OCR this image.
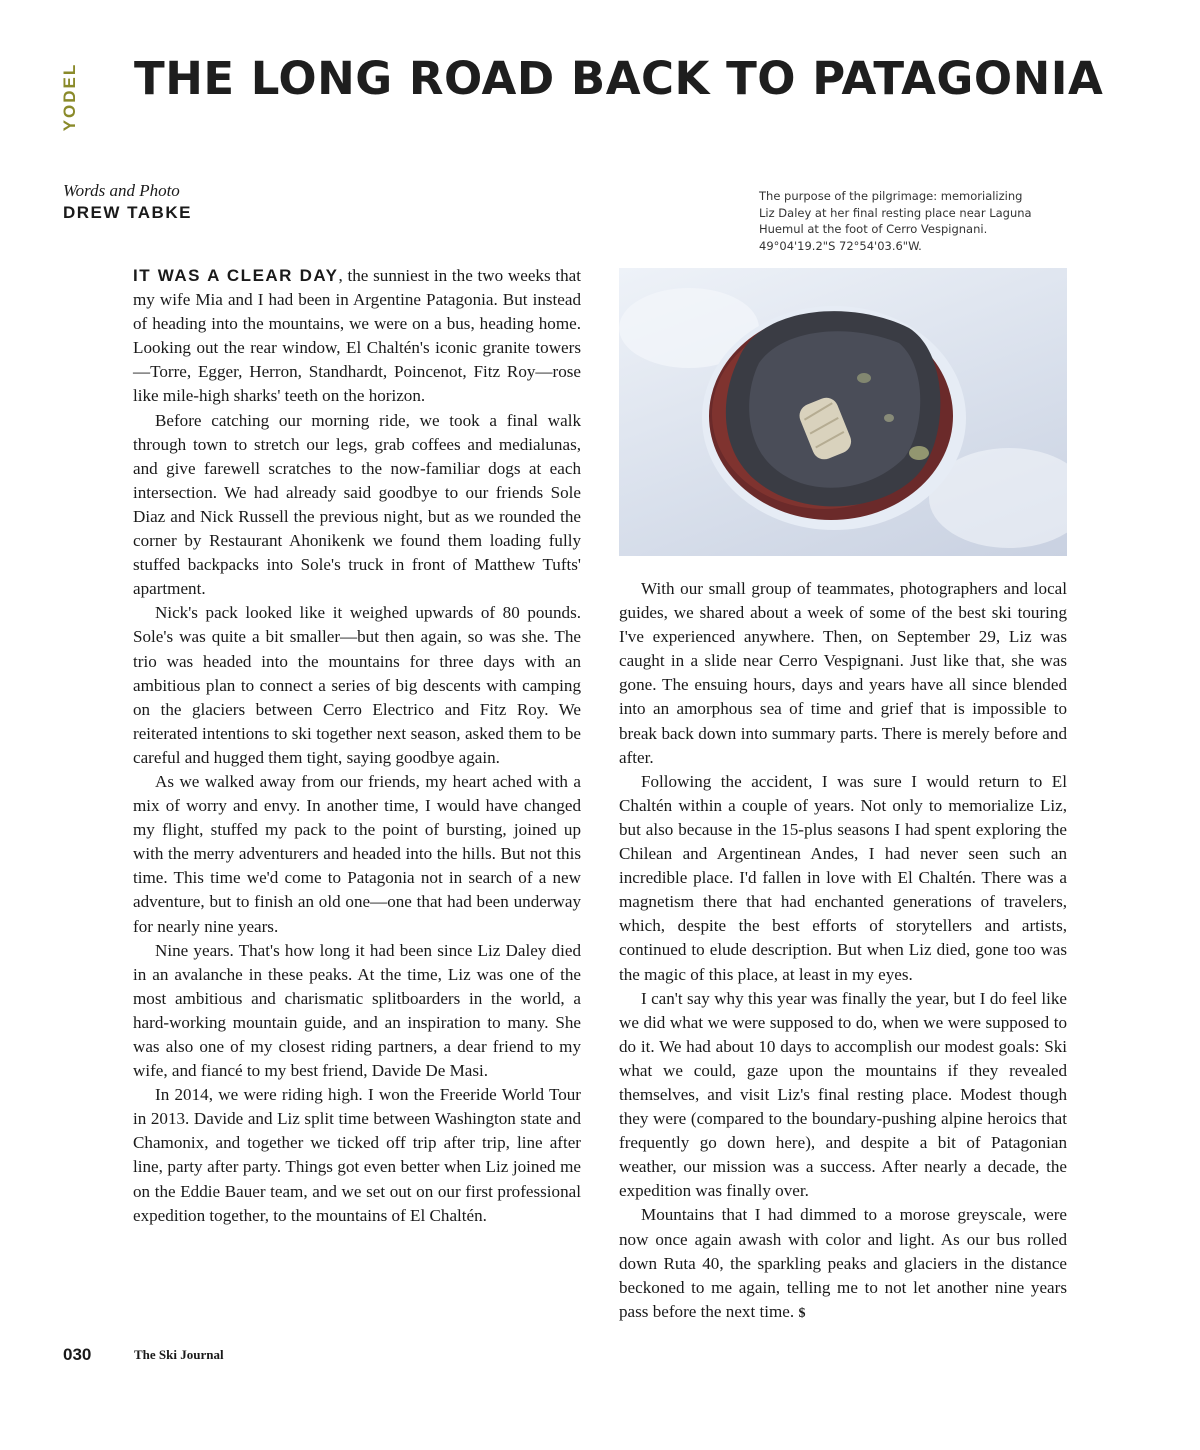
YODEL THE LONG ROAD BACK TO PATAGONIA
Words and Photo
DREW TABKE
The purpose of the pilgrimage: memorializing
Liz Daley at her final resting place near Laguna
Huemul at the foot of Cerro Vespignani.
49°04'19.2"S 72°54'03.6"W.

IT WAS A CLEAR DAY, the sunniest in the two weeks that my wife Mia and I had been in Argentine Patagonia. But instead of heading into the mountains, we were on a bus, heading home. Looking out the rear window, El Chaltén's iconic granite towers—Torre, Egger, Herron, Standhardt, Poincenot, Fitz Roy—rose like mile-high sharks' teeth on the horizon.

Before catching our morning ride, we took a final walk through town to stretch our legs, grab coffees and medialunas, and give farewell scratches to the now-familiar dogs at each intersection. We had already said goodbye to our friends Sole Diaz and Nick Russell the previous night, but as we rounded the corner by Restaurant Ahonikenk we found them loading fully stuffed backpacks into Sole's truck in front of Matthew Tufts' apartment.

Nick's pack looked like it weighed upwards of 80 pounds. Sole's was quite a bit smaller—but then again, so was she. The trio was headed into the mountains for three days with an ambitious plan to connect a series of big descents with camping on the glaciers between Cerro Electrico and Fitz Roy. We reiterated intentions to ski together next season, asked them to be careful and hugged them tight, saying goodbye again.

As we walked away from our friends, my heart ached with a mix of worry and envy. In another time, I would have changed my flight, stuffed my pack to the point of bursting, joined up with the merry adventurers and headed into the hills. But not this time. This time we'd come to Patagonia not in search of a new adventure, but to finish an old one—one that had been underway for nearly nine years.

Nine years. That's how long it had been since Liz Daley died in an avalanche in these peaks. At the time, Liz was one of the most ambitious and charismatic splitboarders in the world, a hard-working mountain guide, and an inspiration to many. She was also one of my closest riding partners, a dear friend to my wife, and fiancé to my best friend, Davide De Masi.

In 2014, we were riding high. I won the Freeride World Tour in 2013. Davide and Liz split time between Washington state and Chamonix, and together we ticked off trip after trip, line after line, party after party. Things got even better when Liz joined me on the Eddie Bauer team, and we set out on our first professional expedition together, to the mountains of El Chaltén.

With our small group of teammates, photographers and local guides, we shared about a week of some of the best ski touring I've experienced anywhere. Then, on September 29, Liz was caught in a slide near Cerro Vespignani. Just like that, she was gone. The ensuing hours, days and years have all since blended into an amorphous sea of time and grief that is impossible to break back down into summary parts. There is merely before and after.

Following the accident, I was sure I would return to El Chaltén within a couple of years. Not only to memorialize Liz, but also because in the 15-plus seasons I had spent exploring the Chilean and Argentinean Andes, I had never seen such an incredible place. I'd fallen in love with El Chaltén. There was a magnetism there that had enchanted generations of travelers, which, despite the best efforts of storytellers and artists, continued to elude description. But when Liz died, gone too was the magic of this place, at least in my eyes.

I can't say why this year was finally the year, but I do feel like we did what we were supposed to do, when we were supposed to do it. We had about 10 days to accomplish our modest goals: Ski what we could, gaze upon the mountains if they revealed themselves, and visit Liz's final resting place. Modest though they were (compared to the boundary-pushing alpine heroics that frequently go down here), and despite a bit of Patagonian weather, our mission was a success. After nearly a decade, the expedition was finally over.

Mountains that I had dimmed to a morose greyscale, were now once again awash with color and light. As our bus rolled down Ruta 40, the sparkling peaks and glaciers in the distance beckoned to me again, telling me to not let another nine years pass before the next time. $

030	The Ski Journal
